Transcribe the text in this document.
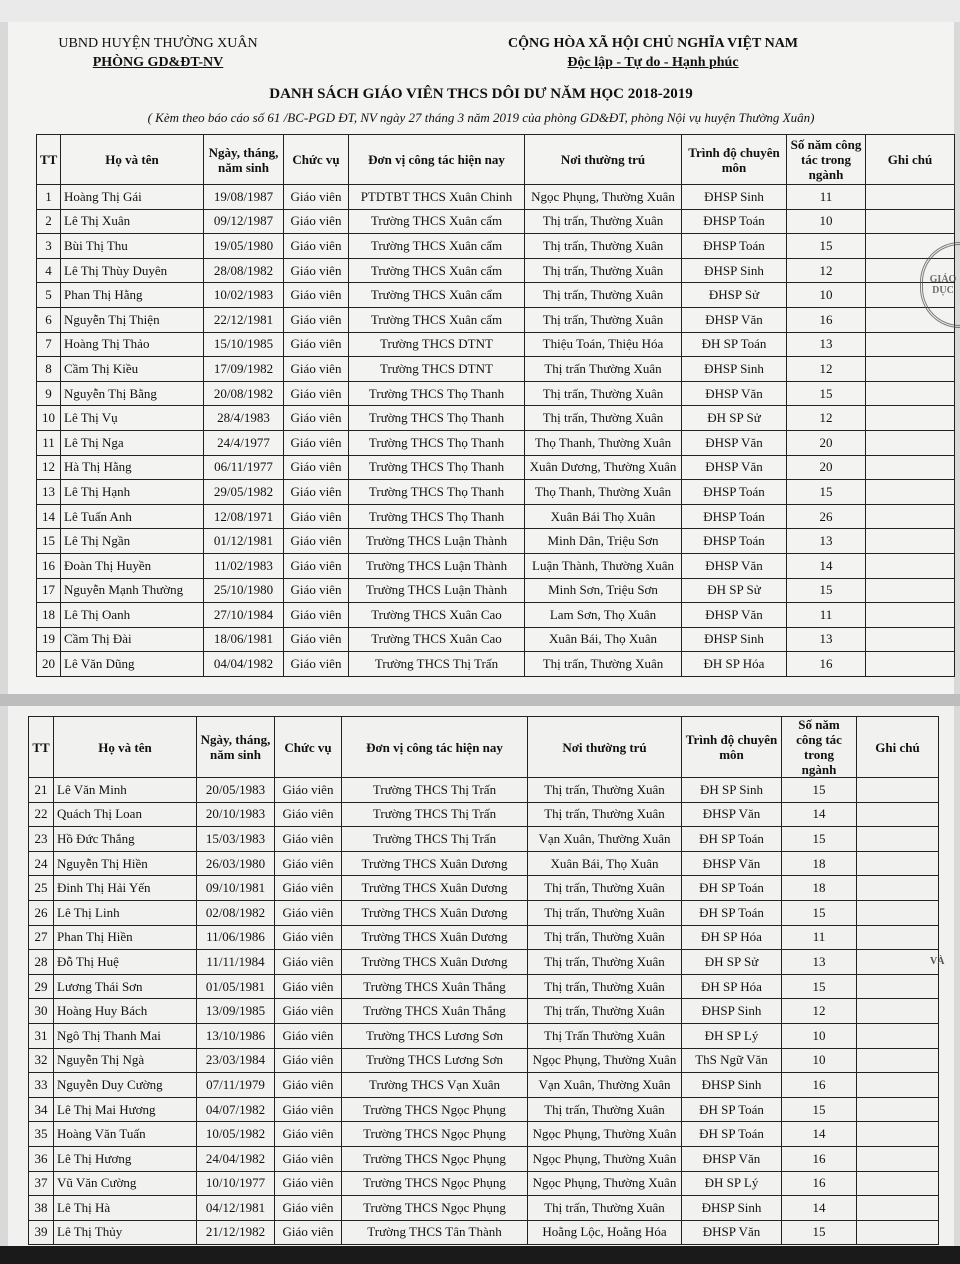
UBND HUYỆN THƯỜNG XUÂN
PHÒNG GD&ĐT-NV
CỘNG HÒA XÃ HỘI CHỦ NGHĨA VIỆT NAM
Độc lập - Tự do - Hạnh phúc
DANH SÁCH GIÁO VIÊN THCS DÔI DƯ NĂM HỌC 2018-2019
( Kèm theo báo cáo số 61 /BC-PGD ĐT, NV ngày 27 tháng 3 năm 2019 của phòng GD&ĐT, phòng Nội vụ huyện Thường Xuân)
TT	Họ và tên	Ngày, tháng, năm sinh	Chức vụ	Đơn vị công tác hiện nay	Nơi thường trú	Trình độ chuyên môn	Số năm công tác trong ngành	Ghi chú
1	Hoàng Thị Gái	19/08/1987	Giáo viên	PTDTBT THCS Xuân Chinh	Ngọc Phụng, Thường Xuân	ĐHSP Sinh	11	
2	Lê Thị Xuân	09/12/1987	Giáo viên	Trường THCS Xuân cẩm	Thị trấn, Thường Xuân	ĐHSP Toán	10	
3	Bùi Thị Thu	19/05/1980	Giáo viên	Trường THCS Xuân cẩm	Thị trấn, Thường Xuân	ĐHSP Toán	15	
4	Lê Thị Thùy Duyên	28/08/1982	Giáo viên	Trường THCS Xuân cẩm	Thị trấn, Thường Xuân	ĐHSP Sinh	12	
5	Phan Thị Hằng	10/02/1983	Giáo viên	Trường THCS Xuân cẩm	Thị trấn, Thường Xuân	ĐHSP Sử	10	
6	Nguyễn Thị Thiện	22/12/1981	Giáo viên	Trường THCS Xuân cẩm	Thị trấn, Thường Xuân	ĐHSP Văn	16	
7	Hoàng Thị Thảo	15/10/1985	Giáo viên	Trường THCS DTNT	Thiệu Toán, Thiệu Hóa	ĐH SP Toán	13	
8	Cầm Thị Kiều	17/09/1982	Giáo viên	Trường THCS DTNT	Thị trấn Thường Xuân	ĐHSP Sinh	12	
9	Nguyễn Thị Bằng	20/08/1982	Giáo viên	Trường THCS Thọ Thanh	Thị trấn, Thường Xuân	ĐHSP Văn	15	
10	Lê Thị Vụ	28/4/1983	Giáo viên	Trường THCS Thọ Thanh	Thị trấn, Thường Xuân	ĐH SP Sử	12	
11	Lê Thị Nga	24/4/1977	Giáo viên	Trường THCS Thọ Thanh	Thọ Thanh, Thường Xuân	ĐHSP Văn	20	
12	Hà Thị Hằng	06/11/1977	Giáo viên	Trường THCS Thọ Thanh	Xuân Dương, Thường Xuân	ĐHSP Văn	20	
13	Lê Thị Hạnh	29/05/1982	Giáo viên	Trường THCS Thọ Thanh	Thọ Thanh, Thường Xuân	ĐHSP Toán	15	
14	Lê Tuấn Anh	12/08/1971	Giáo viên	Trường THCS Thọ Thanh	Xuân Bái Thọ Xuân	ĐHSP Toán	26	
15	Lê Thị Ngần	01/12/1981	Giáo viên	Trường THCS Luận Thành	Minh Dân, Triệu Sơn	ĐHSP Toán	13	
16	Đoàn Thị Huyền	11/02/1983	Giáo viên	Trường THCS Luận Thành	Luận Thành, Thường Xuân	ĐHSP Văn	14	
17	Nguyễn Mạnh Thường	25/10/1980	Giáo viên	Trường THCS Luận Thành	Minh Sơn, Triệu Sơn	ĐH SP Sử	15	
18	Lê Thị Oanh	27/10/1984	Giáo viên	Trường THCS Xuân Cao	Lam Sơn, Thọ Xuân	ĐHSP Văn	11	
19	Cầm Thị Đài	18/06/1981	Giáo viên	Trường THCS Xuân Cao	Xuân Bái, Thọ Xuân	ĐHSP Sinh	13	
20	Lê Văn Dũng	04/04/1982	Giáo viên	Trường THCS Thị Trấn	Thị trấn, Thường Xuân	ĐH SP Hóa	16	
GIÁO DỤC
TT	Họ và tên	Ngày, tháng, năm sinh	Chức vụ	Đơn vị công tác hiện nay	Nơi thường trú	Trình độ chuyên môn	Số năm công tác trong ngành	Ghi chú
21	Lê Văn Minh	20/05/1983	Giáo viên	Trường THCS Thị Trấn	Thị trấn, Thường Xuân	ĐH SP Sinh	15	
22	Quách Thị Loan	20/10/1983	Giáo viên	Trường THCS Thị Trấn	Thị trấn, Thường Xuân	ĐHSP Văn	14	
23	Hồ Đức Thắng	15/03/1983	Giáo viên	Trường THCS Thị Trấn	Vạn Xuân, Thường Xuân	ĐH SP Toán	15	
24	Nguyễn Thị Hiền	26/03/1980	Giáo viên	Trường THCS Xuân Dương	Xuân Bái, Thọ Xuân	ĐHSP Văn	18	
25	Đinh Thị Hải Yến	09/10/1981	Giáo viên	Trường THCS Xuân Dương	Thị trấn, Thường Xuân	ĐH SP Toán	18	
26	Lê Thị Linh	02/08/1982	Giáo viên	Trường THCS Xuân Dương	Thị trấn, Thường Xuân	ĐH SP Toán	15	
27	Phan Thị Hiền	11/06/1986	Giáo viên	Trường THCS Xuân Dương	Thị trấn, Thường Xuân	ĐH SP Hóa	11	
28	Đỗ Thị Huệ	11/11/1984	Giáo viên	Trường THCS Xuân Dương	Thị trấn, Thường Xuân	ĐH SP Sử	13	
29	Lương Thái Sơn	01/05/1981	Giáo viên	Trường THCS Xuân Thắng	Thị trấn, Thường Xuân	ĐH SP Hóa	15	
30	Hoàng Huy Bách	13/09/1985	Giáo viên	Trường THCS Xuân Thắng	Thị trấn, Thường Xuân	ĐHSP Sinh	12	
31	Ngô Thị Thanh Mai	13/10/1986	Giáo viên	Trường THCS Lương Sơn	Thị Trấn Thường Xuân	ĐH SP Lý	10	
32	Nguyễn Thị Ngà	23/03/1984	Giáo viên	Trường THCS Lương Sơn	Ngọc Phụng, Thường Xuân	ThS Ngữ Văn	10	
33	Nguyễn Duy Cường	07/11/1979	Giáo viên	Trường THCS Vạn Xuân	Vạn Xuân, Thường Xuân	ĐHSP Sinh	16	
34	Lê Thị Mai Hương	04/07/1982	Giáo viên	Trường THCS Ngọc Phụng	Thị trấn, Thường Xuân	ĐH SP Toán	15	
35	Hoàng Văn Tuấn	10/05/1982	Giáo viên	Trường THCS Ngọc Phụng	Ngọc Phụng, Thường Xuân	ĐH SP Toán	14	
36	Lê Thị Hương	24/04/1982	Giáo viên	Trường THCS Ngọc Phụng	Ngọc Phụng, Thường Xuân	ĐHSP Văn	16	
37	Vũ Văn Cường	10/10/1977	Giáo viên	Trường THCS Ngọc Phụng	Ngọc Phụng, Thường Xuân	ĐH SP Lý	16	
38	Lê Thị Hà	04/12/1981	Giáo viên	Trường THCS Ngọc Phụng	Thị trấn, Thường Xuân	ĐHSP Sinh	14	
39	Lê Thị Thủy	21/12/1982	Giáo viên	Trường THCS Tân Thành	Hoằng Lộc, Hoằng Hóa	ĐHSP Văn	15	
VÀ
